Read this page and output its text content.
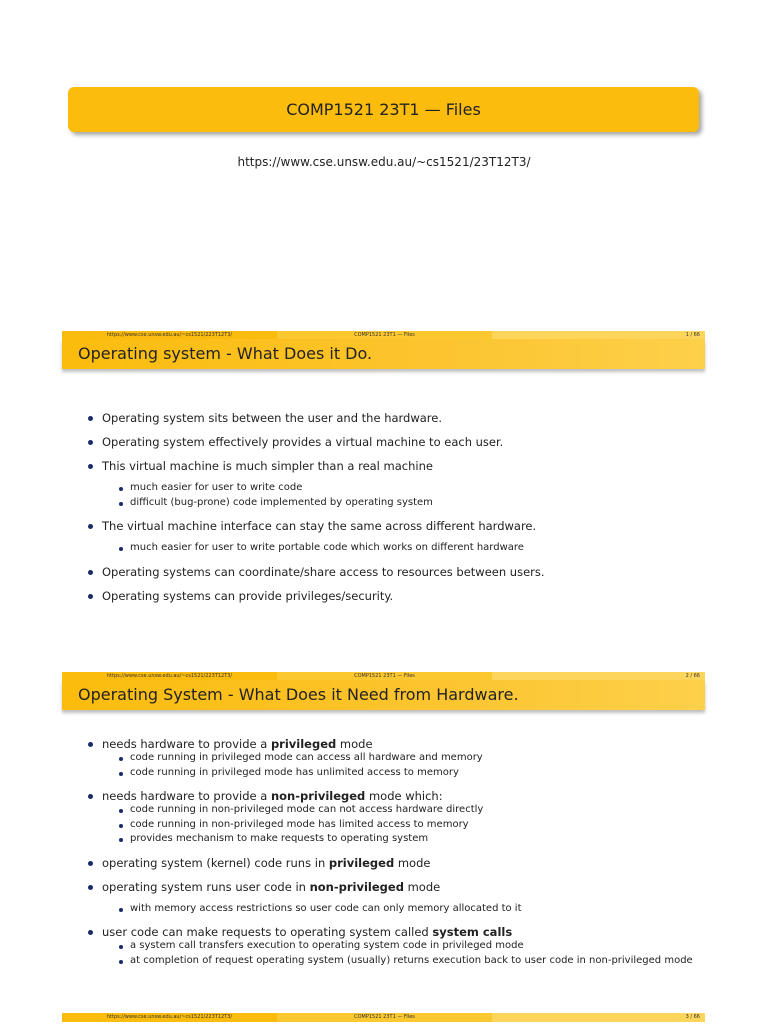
COMP1521 23T1 — Files
https://www.cse.unsw.edu.au/~cs1521/23T12T3/
https://www.cse.unsw.edu.au/~cs1521/223T12T3/	COMP1521 23T1 — Files	1 / 66
Operating system - What Does it Do.
Operating system sits between the user and the hardware.
Operating system effectively provides a virtual machine to each user.
This virtual machine is much simpler than a real machine
much easier for user to write code
difficult (bug-prone) code implemented by operating system
The virtual machine interface can stay the same across different hardware.
much easier for user to write portable code which works on different hardware
Operating systems can coordinate/share access to resources between users.
Operating systems can provide privileges/security.
https://www.cse.unsw.edu.au/~cs1521/223T12T3/	COMP1521 23T1 — Files	2 / 66
Operating System - What Does it Need from Hardware.
needs hardware to provide a privileged mode
code running in privileged mode can access all hardware and memory
code running in privileged mode has unlimited access to memory
needs hardware to provide a non-privileged mode which:
code running in non-privileged mode can not access hardware directly
code running in non-privileged mode has limited access to memory
provides mechanism to make requests to operating system
operating system (kernel) code runs in privileged mode
operating system runs user code in non-privileged mode
with memory access restrictions so user code can only memory allocated to it
user code can make requests to operating system called system calls
a system call transfers execution to operating system code in privileged mode
at completion of request operating system (usually) returns execution back to user code in non-privileged mode
https://www.cse.unsw.edu.au/~cs1521/223T12T3/	COMP1521 23T1 — Files	3 / 66
